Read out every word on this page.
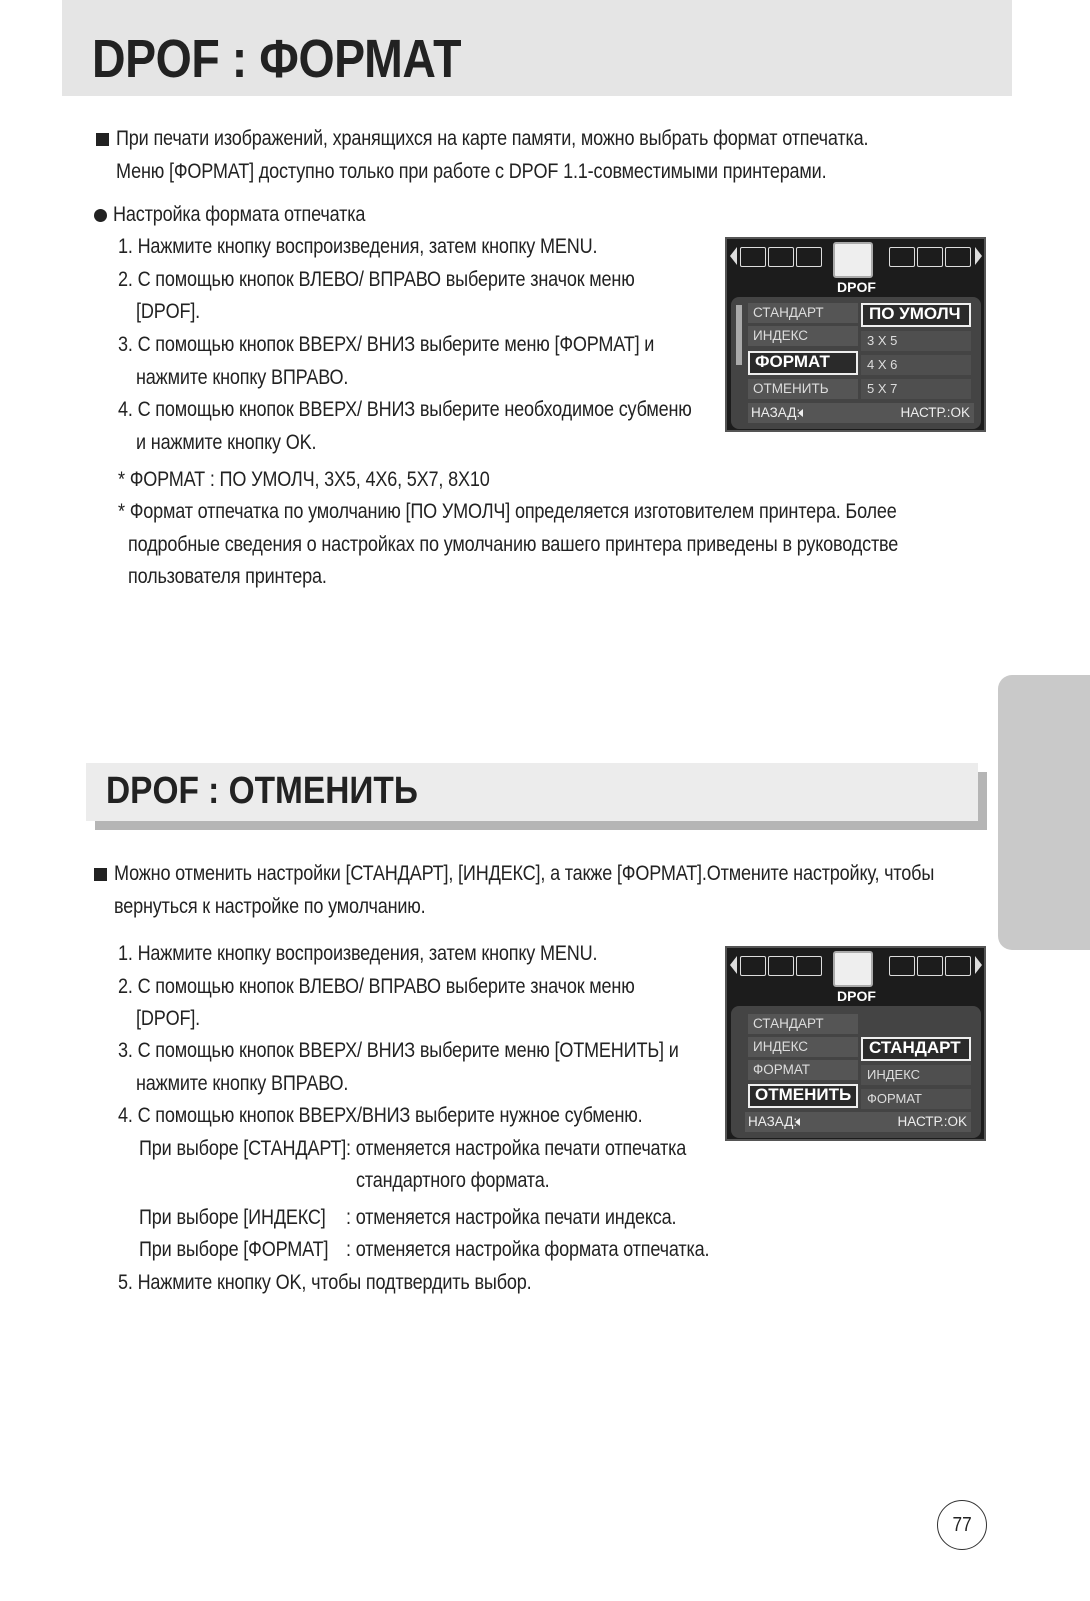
DPOF : ФОРМАТ
При печати изображений, хранящихся на карте памяти, можно выбрать формат отпечатка.
Меню [ФОРМАТ] доступно только при работе с DPOF 1.1-совместимыми принтерами.
Настройка формата отпечатка
1. Нажмите кнопку воспроизведения, затем кнопку MENU.
2. С помощью кнопок ВЛЕВО/ ВПРАВО выберите значок меню
[DPOF].
3. С помощью кнопок ВВЕРХ/ ВНИЗ выберите меню [ФОРМАТ] и
нажмите кнопку ВПРАВО.
4. С помощью кнопок ВВЕРХ/ ВНИЗ выберите необходимое субменю
и нажмите кнопку OK.
* ФОРМАТ : ПО УМОЛЧ, 3X5, 4X6, 5X7, 8X10
* Формат отпечатка по умолчанию [ПО УМОЛЧ] определяется изготовителем принтера. Более
подробные сведения о настройках по умолчанию вашего принтера приведены в руководстве
пользователя принтера.
DPOF
СТАНДАРТ
ИНДЕКС
ФОРМАТ
ОТМЕНИТЬ
ПО УМОЛЧ
3 X 5
4 X 6
5 X 7
НАЗАД:	НАСТР.:OK
DPOF : ОТМЕНИТЬ
Можно отменить настройки [СТАНДАРТ], [ИНДЕКС], а также [ФОРМАТ].Отмените настройку, чтобы
вернуться к настройке по умолчанию.
1. Нажмите кнопку воспроизведения, затем кнопку MENU.
2. С помощью кнопок ВЛЕВО/ ВПРАВО выберите значок меню
[DPOF].
3. С помощью кнопок ВВЕРХ/ ВНИЗ выберите меню [ОТМЕНИТЬ] и
нажмите кнопку ВПРАВО.
4. С помощью кнопок ВВЕРХ/ВНИЗ выберите нужное субменю.
При выборе [СТАНДАРТ] : отменяется настройка печати отпечатка
стандартного формата.
При выборе [ИНДЕКС] : отменяется настройка печати индекса.
При выборе [ФОРМАТ] : отменяется настройка формата отпечатка.
5. Нажмите кнопку OK, чтобы подтвердить выбор.
DPOF
СТАНДАРТ
ИНДЕКС
ФОРМАТ
ОТМЕНИТЬ
СТАНДАРТ
ИНДЕКС
ФОРМАТ
НАЗАД:	НАСТР.:OK
77
